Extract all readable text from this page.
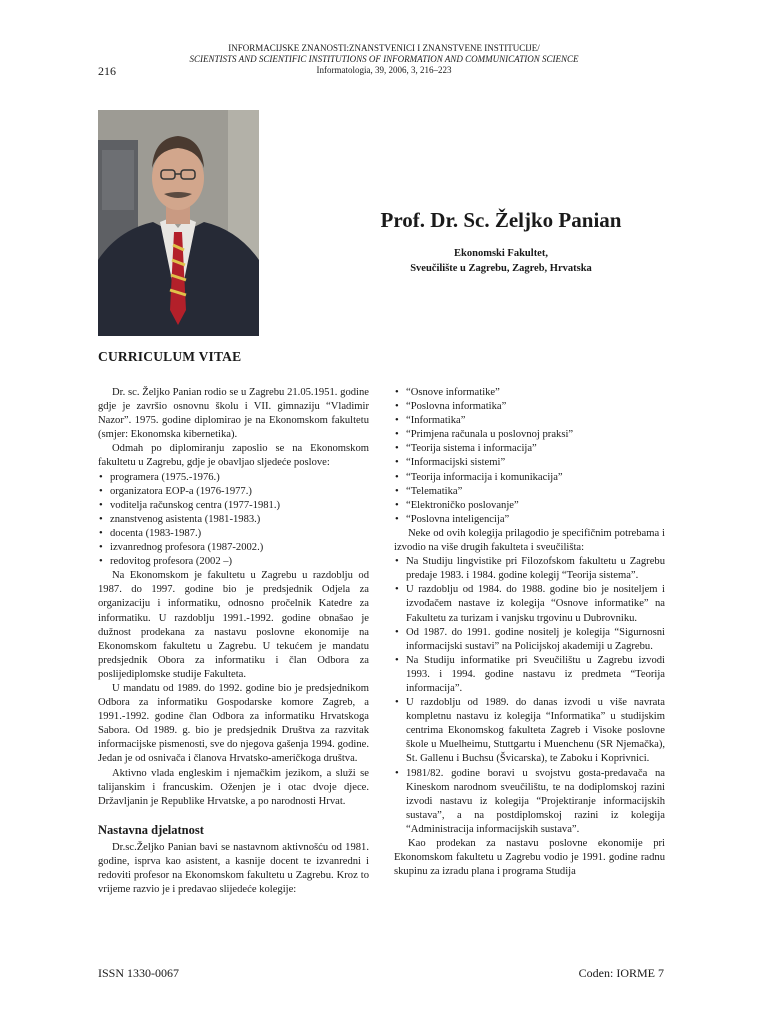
INFORMACIJSKE ZNANOSTI:ZNANSTVENICI I ZNANSTVENE INSTITUCIJE/
SCIENTISTS AND SCIENTIFIC INSTITUTIONS OF INFORMATION AND COMMUNICATION SCIENCE
Informatologia, 39, 2006, 3, 216–223
216
Prof. Dr. Sc. Željko Panian
Ekonomski Fakultet,
Sveučilište u Zagrebu, Zagreb, Hrvatska
CURRICULUM VITAE

Dr. sc. Željko Panian rodio se u Zagrebu 21.05.1951. godine gdje je završio osnovnu školu i VII. gimnaziju “Vladimir Nazor”. 1975. godine diplomirao je na Ekonomskom fakultetu (smjer: Ekonomska kibernetika).

Odmah po diplomiranju zaposlio se na Ekonomskom fakultetu u Zagrebu, gdje je obavljao sljedeće poslove:

• programera (1975.-1976.)
• organizatora EOP-a (1976-1977.)
• voditelja računskog centra (1977-1981.)
• znanstvenog asistenta (1981-1983.)
• docenta (1983-1987.)
• izvanrednog profesora (1987-2002.)
• redovitog profesora (2002 –)

Na Ekonomskom je fakultetu u Zagrebu u razdoblju od 1987. do 1997. godine bio je predsjednik Odjela za organizaciju i informatiku, odnosno pročelnik Katedre za informatiku. U razdoblju 1991.-1992. godine obnašao je dužnost prodekana za nastavu poslovne ekonomije na Ekonomskom fakultetu u Zagrebu. U tekućem je mandatu predsjednik Obora za informatiku i član Odbora za poslijediplomske studije Fakulteta.

U mandatu od 1989. do 1992. godine bio je predsjednikom Odbora za informatiku Gospodarske komore Zagreb, a 1991.-1992. godine član Odbora za informatiku Hrvatskoga Sabora. Od 1989. g. bio je predsjednik Društva za razvitak informacijske pismenosti, sve do njegova gašenja 1994. godine. Jedan je od osnivača i članova Hrvatsko-američkoga društva.

Aktivno vlada engleskim i njemačkim jezikom, a služi se talijanskim i francuskim. Oženjen je i otac dvoje djece. Državljanin je Republike Hrvatske, a po narodnosti Hrvat.

Nastavna djelatnost

Dr.sc.Željko Panian bavi se nastavnom aktivnošću od 1981. godine, isprva kao asistent, a kasnije docent te izvanredni i redoviti profesor na Ekonomskom fakultetu u Zagrebu. Kroz to vrijeme razvio je i predavao slijedeće kolegije:

• “Osnove informatike”
• “Poslovna informatika”
• “Informatika”
• “Primjena računala u poslovnoj praksi”
• “Teorija sistema i informacija”
• “Informacijski sistemi”
• “Teorija informacija i komunikacija”
• “Telematika”
• “Elektroničko poslovanje”
• “Poslovna inteligencija”

Neke od ovih kolegija prilagodio je specifičnim potrebama i izvodio na više drugih fakulteta i sveučilišta:

• Na Studiju lingvistike pri Filozofskom fakultetu u Zagrebu predaje 1983. i 1984. godine kolegij “Teorija sistema”.
• U razdoblju od 1984. do 1988. godine bio je nositeljem i izvođačem nastave iz kolegija “Osnove informatike” na Fakultetu za turizam i vanjsku trgovinu u Dubrovniku.
• Od 1987. do 1991. godine nositelj je kolegija “Sigurnosni informacijski sustavi” na Policijskoj akademiji u Zagrebu.
• Na Studiju informatike pri Sveučilištu u Zagrebu izvodi 1993. i 1994. godine nastavu iz predmeta “Teorija informacija”.
• U razdoblju od 1989. do danas izvodi u više navrata kompletnu nastavu iz kolegija “Informatika” u studijskim centrima Ekonomskog fakulteta Zagreb i Visoke poslovne škole u Muelheimu, Stuttgartu i Muenchenu (SR Njemačka), St. Gallenu i Buchsu (Švicarska), te Zaboku i Koprivnici.
• 1981/82. godine boravi u svojstvu gosta-predavača na Kineskom narodnom sveučilištu, te na dodiplomskoj razini izvodi nastavu iz kolegija “Projektiranje informacijskih sustava”, a na postdiplomskoj razini iz kolegija “Administracija informacijskih sustava”.

Kao prodekan za nastavu poslovne ekonomije pri Ekonomskom fakultetu u Zagrebu vodio je 1991. godine radnu skupinu za izradu plana i programa Studija

ISSN 1330-0067	Coden: IORME 7
